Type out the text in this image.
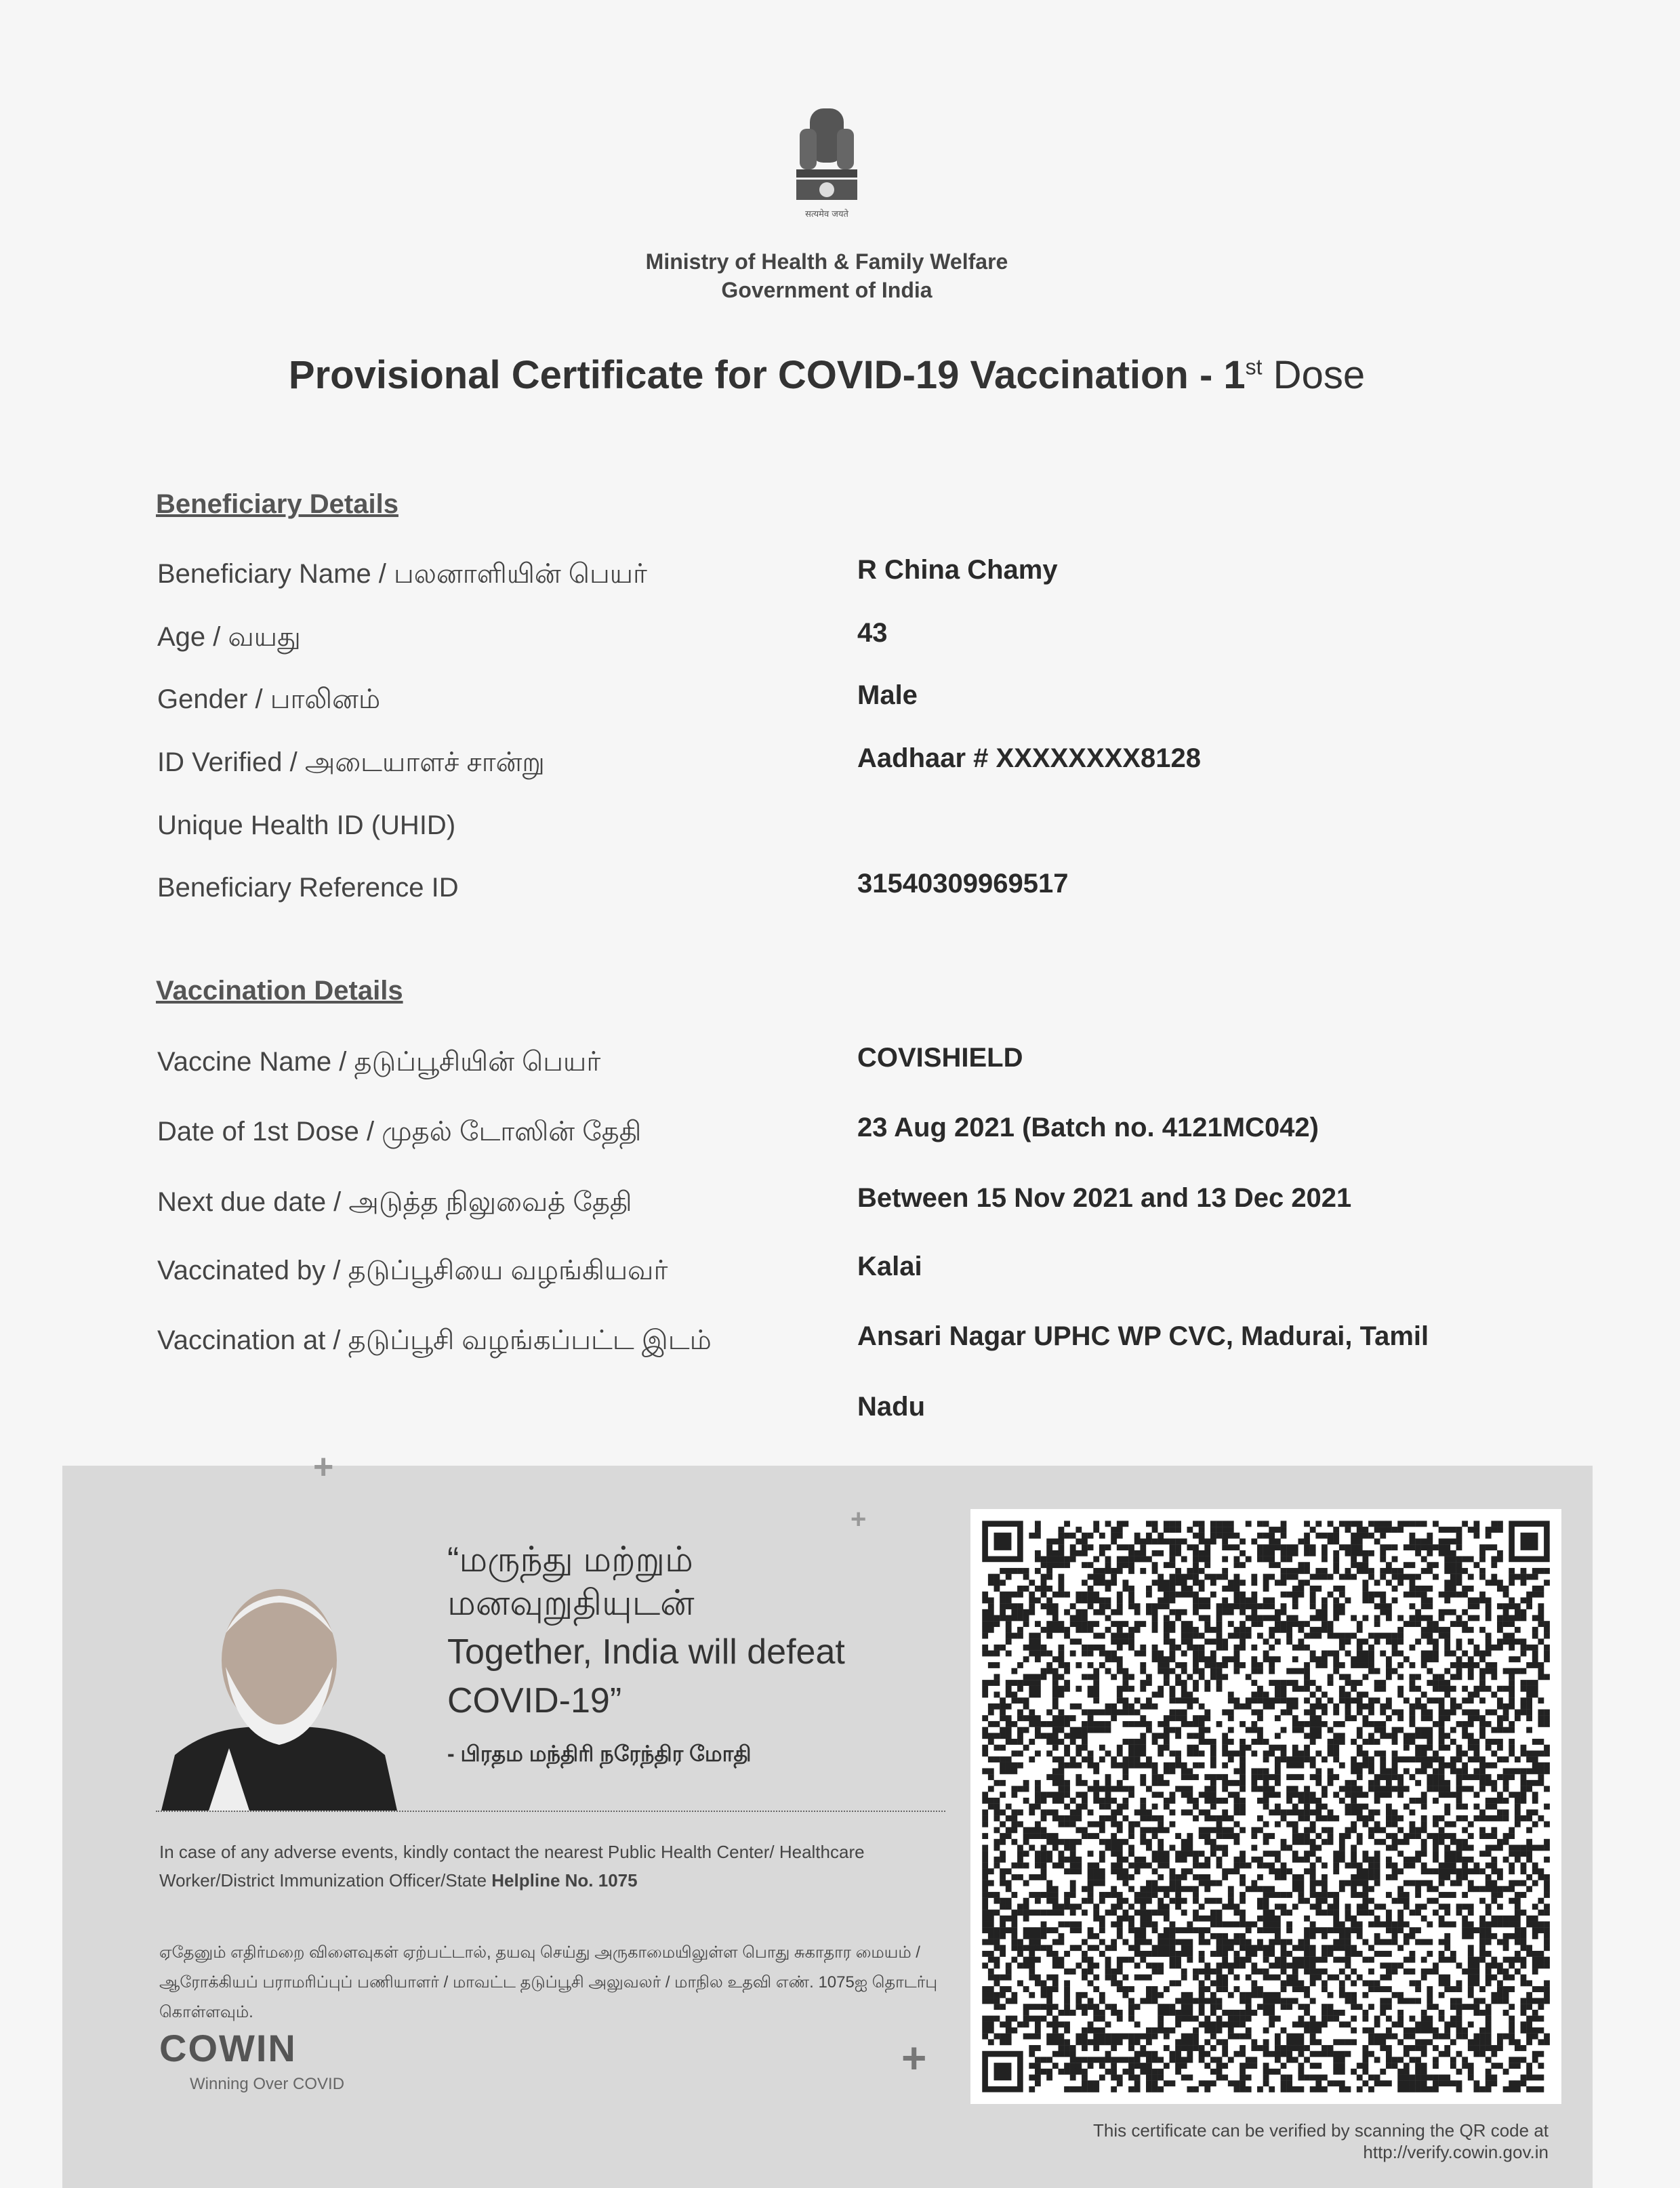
सत्यमेव जयते
Ministry of Health & Family Welfare
Government of India
Provisional Certificate for COVID-19 Vaccination - 1st Dose
Beneficiary Details
Beneficiary Name / பலனாளியின் பெயர்	R China Chamy
Age / வயது	43
Gender / பாலினம்	Male
ID Verified / அடையாளச் சான்று	Aadhaar # XXXXXXXX8128
Unique Health ID (UHID)
Beneficiary Reference ID	31540309969517
Vaccination Details
Vaccine Name / தடுப்பூசியின் பெயர்	COVISHIELD
Date of 1st Dose / முதல் டோஸின் தேதி	23 Aug 2021 (Batch no. 4121MC042)
Next due date / அடுத்த நிலுவைத் தேதி	Between 15 Nov 2021 and 13 Dec 2021
Vaccinated by / தடுப்பூசியை வழங்கியவர்	Kalai
Vaccination at / தடுப்பூசி வழங்கப்பட்ட இடம்	Ansari Nagar UPHC WP CVC, Madurai, Tamil
Nadu
+
+
+
“மருந்து மற்றும்
மனவுறுதியுடன்
Together, India will defeat
COVID-19”
- பிரதம மந்திரி நரேந்திர மோதி
In case of any adverse events, kindly contact the nearest Public Health Center/ Healthcare Worker/District Immunization Officer/State Helpline No. 1075
ஏதேனும் எதிர்மறை விளைவுகள் ஏற்பட்டால், தயவு செய்து அருகாமையிலுள்ள பொது சுகாதார மையம் / ஆரோக்கியப் பராமரிப்புப் பணியாளர் / மாவட்ட தடுப்பூசி அலுவலர் / மாநில உதவி எண். 1075ஐ தொடர்பு கொள்ளவும்.
COWIN
Winning Over COVID
This certificate can be verified by scanning the QR code at
http://verify.cowin.gov.in
